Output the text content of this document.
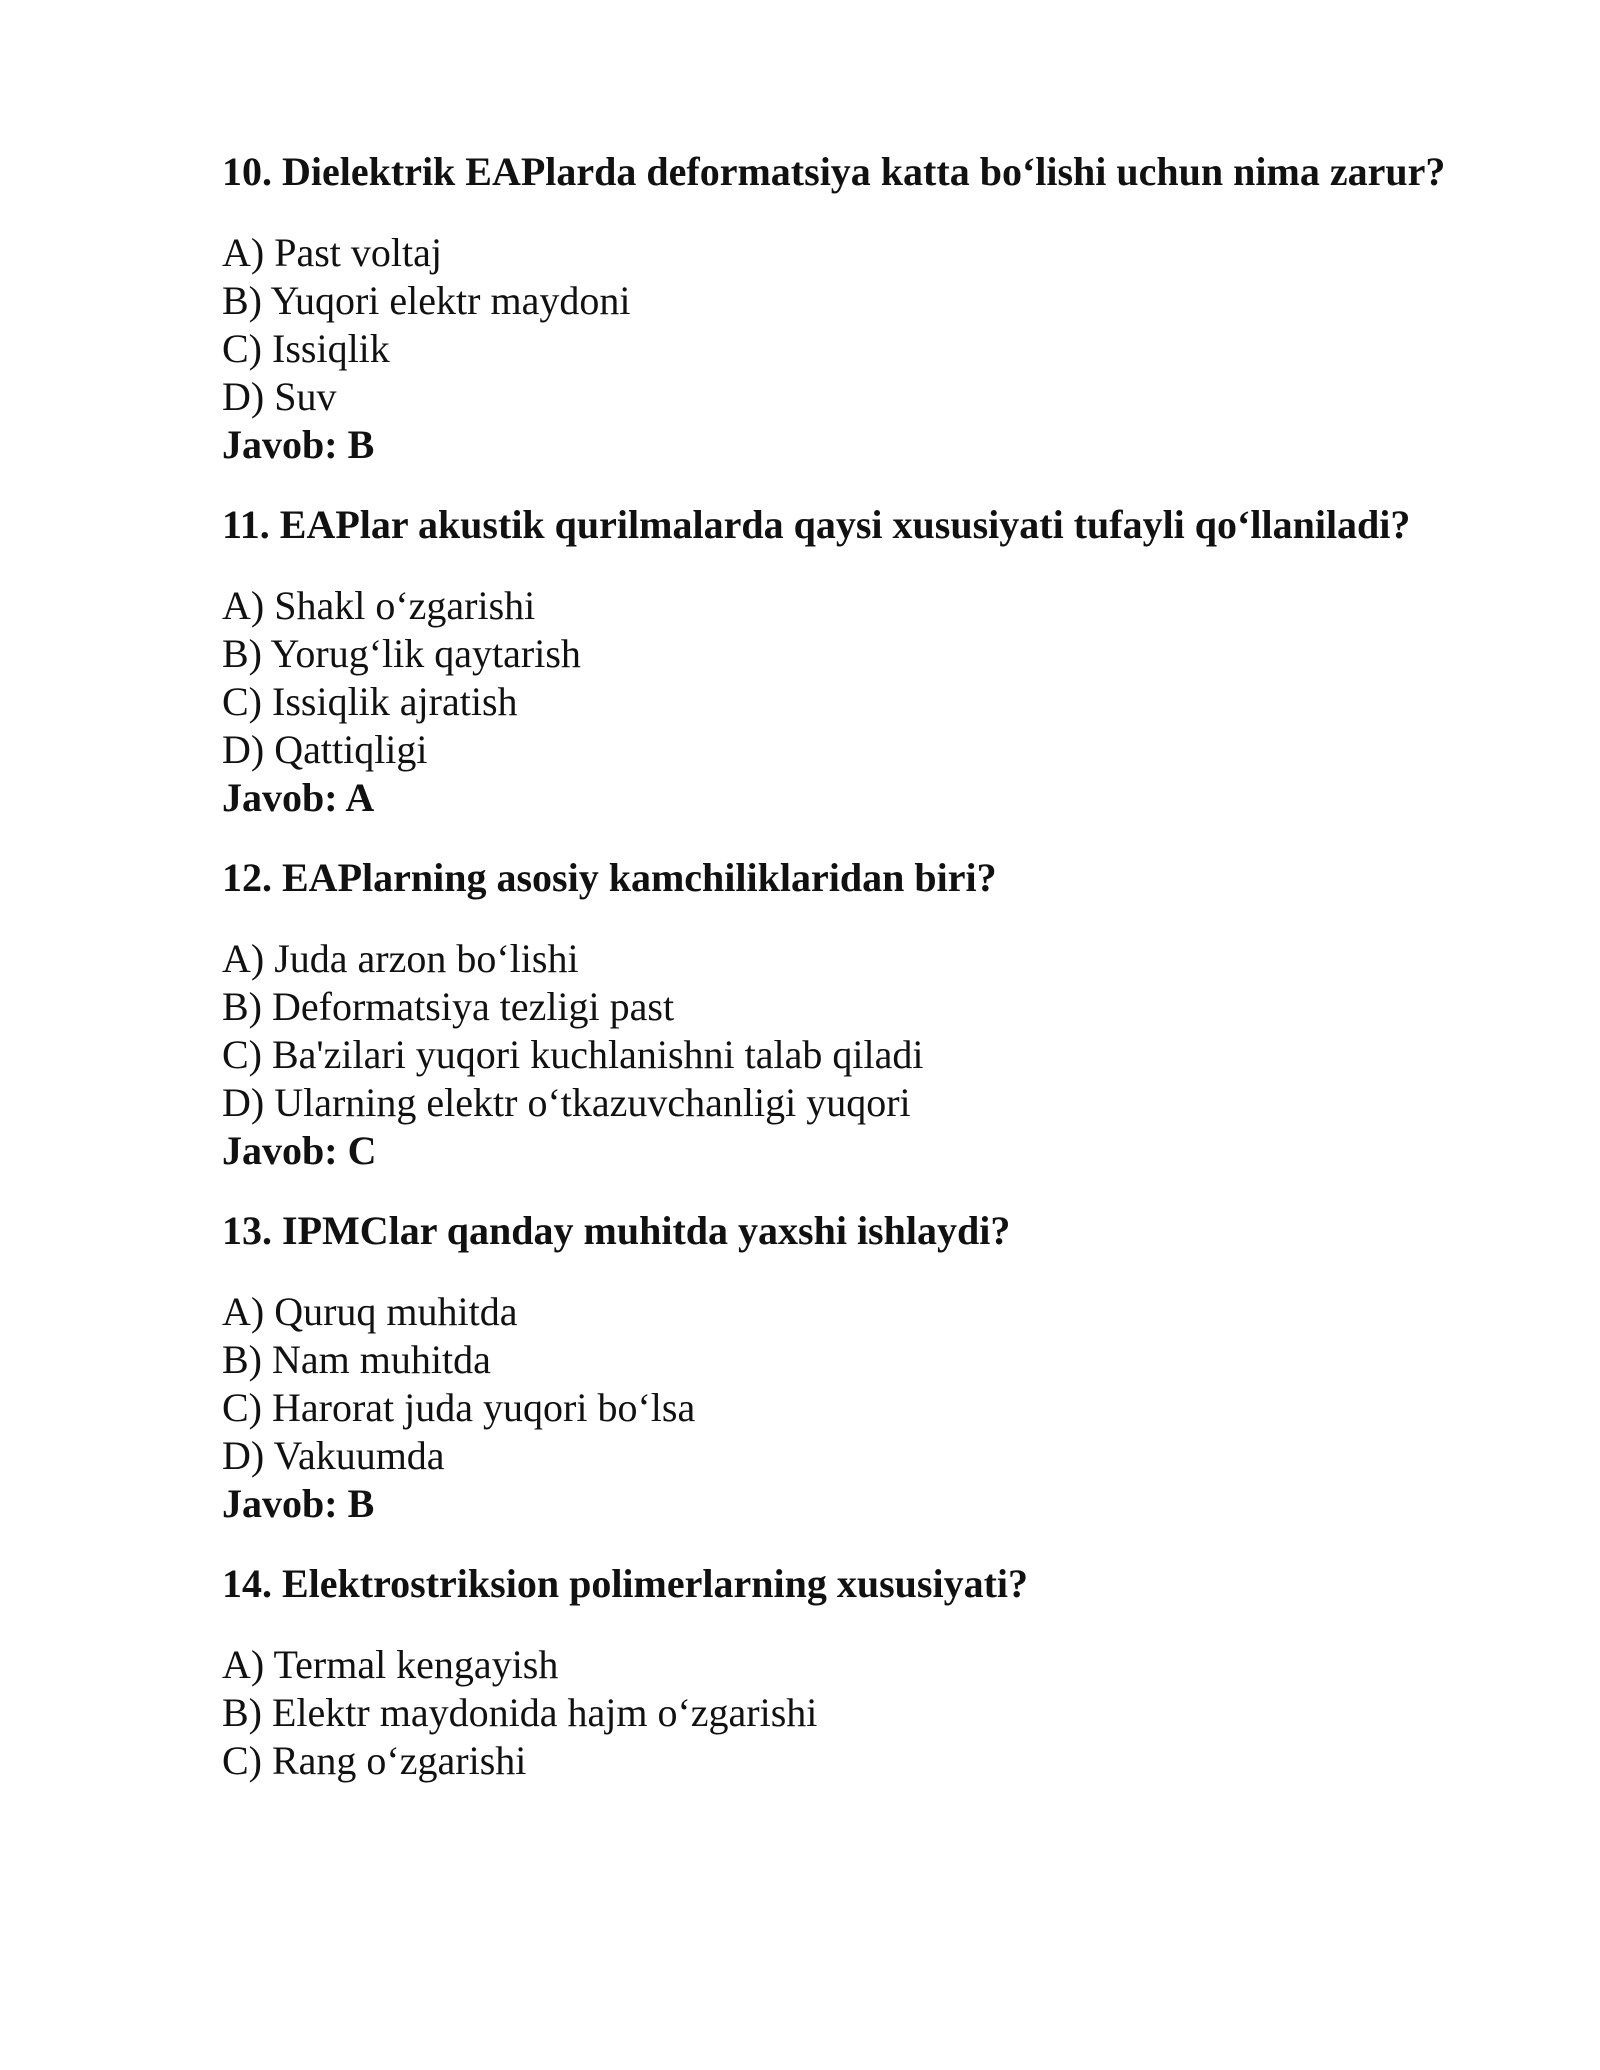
10. Dielektrik EAPlarda deformatsiya katta bo‘lishi uchun nima zarur?
A) Past voltaj
B) Yuqori elektr maydoni
C) Issiqlik
D) Suv
Javob: B
11. EAPlar akustik qurilmalarda qaysi xususiyati tufayli qo‘llaniladi?
A) Shakl o‘zgarishi
B) Yorug‘lik qaytarish
C) Issiqlik ajratish
D) Qattiqligi
Javob: A
12. EAPlarning asosiy kamchiliklaridan biri?
A) Juda arzon bo‘lishi
B) Deformatsiya tezligi past
C) Ba'zilari yuqori kuchlanishni talab qiladi
D) Ularning elektr o‘tkazuvchanligi yuqori
Javob: C
13. IPMClar qanday muhitda yaxshi ishlaydi?
A) Quruq muhitda
B) Nam muhitda
C) Harorat juda yuqori bo‘lsa
D) Vakuumda
Javob: B
14. Elektrostriksion polimerlarning xususiyati?
A) Termal kengayish
B) Elektr maydonida hajm o‘zgarishi
C) Rang o‘zgarishi
